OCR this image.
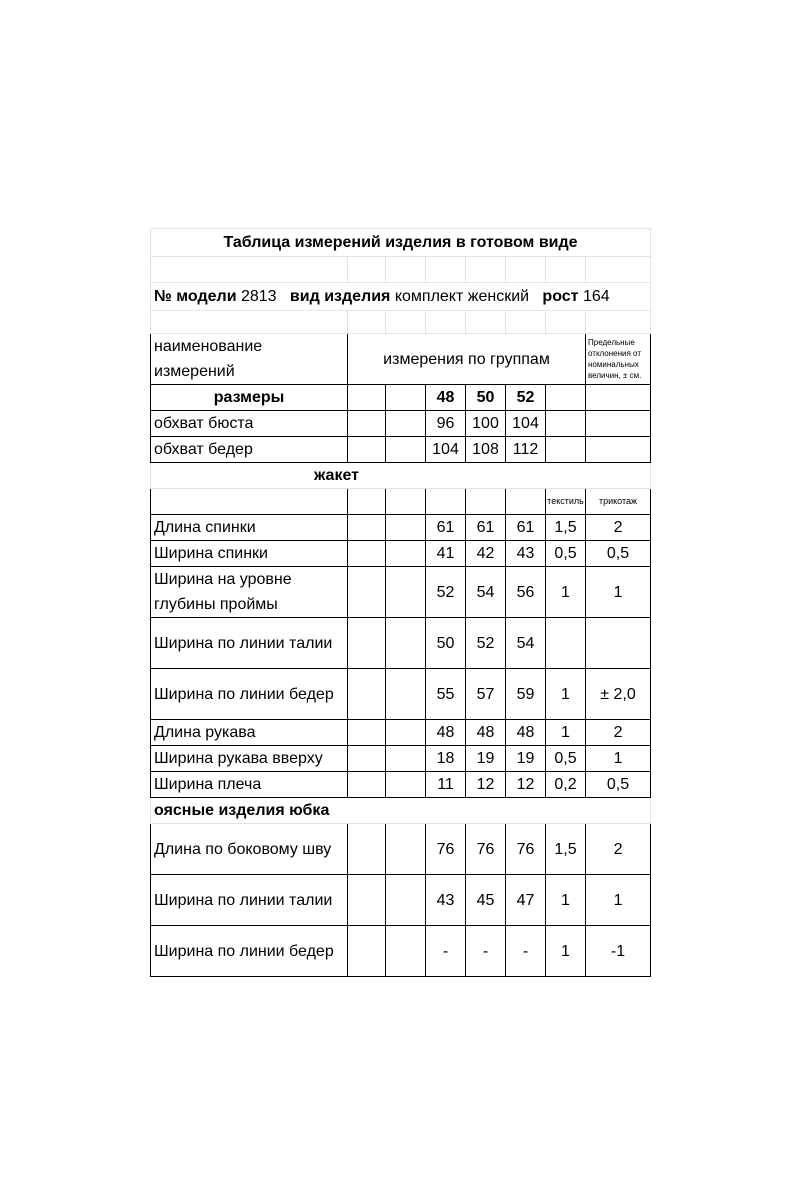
Таблица измерений изделия в готовом виде							

№ модели 2813 вид изделия комплект женский рост 164							

наименование измерений	измерения по группам						Предельные отклонения от номинальных величин, ± см.
размеры			48	50	52		
обхват бюста			96	100	104		
обхват бедер			104	108	112		
жакет							
						текстиль	трикотаж
Длина спинки			61	61	61	1,5	2
Ширина спинки			41	42	43	0,5	0,5
Ширина на уровне глубины проймы			52	54	56	1	1
Ширина по линии талии			50	52	54		
Ширина по линии бедер			55	57	59	1	± 2,0
Длина рукава			48	48	48	1	2
Ширина рукава вверху			18	19	19	0,5	1
Ширина плеча			11	12	12	0,2	0,5
оясные изделия юбка							
Длина по боковому шву			76	76	76	1,5	2
Ширина по линии талии			43	45	47	1	1
Ширина по линии бедер			-	-	-	1	-1
